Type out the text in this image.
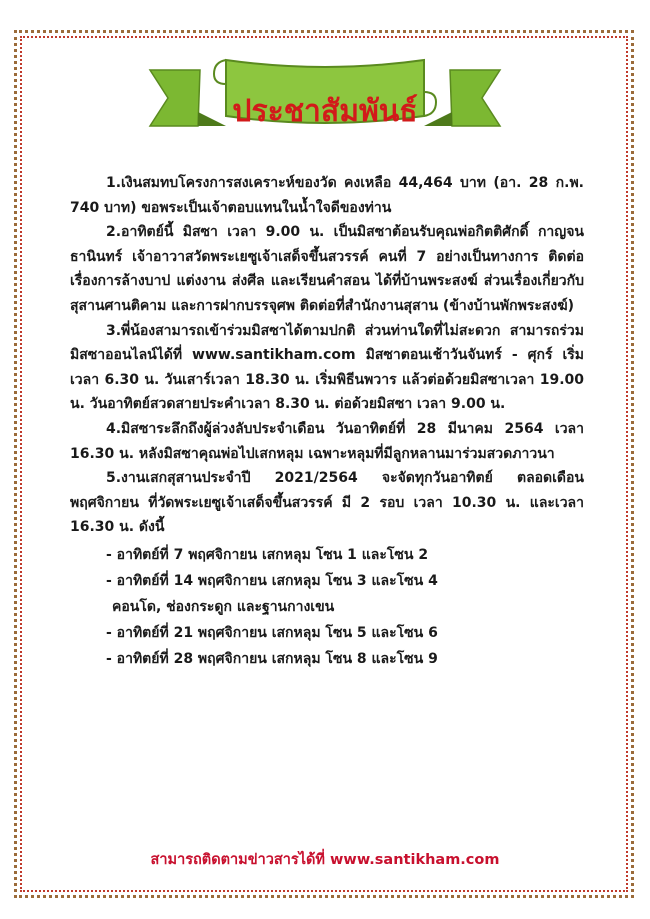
ประชาสัมพันธ์

1.เงินสมทบโครงการสงเคราะห์ของวัด คงเหลือ 44,464 บาท (อา. 28 ก.พ. 740 บาท) ขอพระเป็นเจ้าตอบแทนในน้ำใจดีของท่าน

2.อาทิตย์นี้ มิสซา เวลา 9.00 น. เป็นมิสซาต้อนรับคุณพ่อกิตติศักดิ์ กาญจนธานินทร์ เจ้าอาวาสวัดพระเยซูเจ้าเสด็จขึ้นสวรรค์ คนที่ 7 อย่างเป็นทางการ ติดต่อเรื่องการล้างบาป แต่งงาน ส่งศีล และเรียนคำสอน ได้ที่บ้านพระสงฆ์ ส่วนเรื่องเกี่ยวกับสุสานศานติคาม และการฝากบรรจุศพ ติดต่อที่สำนักงานสุสาน (ข้างบ้านพักพระสงฆ์)

3.พี่น้องสามารถเข้าร่วมมิสซาได้ตามปกติ ส่วนท่านใดที่ไม่สะดวก สามารถร่วมมิสซาออนไลน์ได้ที่ www.santikham.com มิสซาตอนเช้าวันจันทร์ - ศุกร์ เริ่ม เวลา 6.30 น. วันเสาร์เวลา 18.30 น. เริ่มพิธีนพวาร แล้วต่อด้วยมิสซาเวลา 19.00 น. วันอาทิตย์สวดสายประคำเวลา 8.30 น. ต่อด้วยมิสซา เวลา 9.00 น.

4.มิสซาระลึกถึงผู้ล่วงลับประจำเดือน วันอาทิตย์ที่ 28 มีนาคม 2564 เวลา 16.30 น. หลังมิสซาคุณพ่อไปเสกหลุม เฉพาะหลุมที่มีลูกหลานมาร่วมสวดภาวนา

5.งานเสกสุสานประจำปี 2021/2564 จะจัดทุกวันอาทิตย์ ตลอดเดือนพฤศจิกายน ที่วัดพระเยซูเจ้าเสด็จขึ้นสวรรค์ มี 2 รอบ เวลา 10.30 น. และเวลา 16.30 น. ดังนี้

- อาทิตย์ที่ 7 พฤศจิกายน เสกหลุม โซน 1 และโซน 2
- อาทิตย์ที่ 14 พฤศจิกายน เสกหลุม โซน 3 และโซน 4
คอนโด, ช่องกระดูก และฐานกางเขน
- อาทิตย์ที่ 21 พฤศจิกายน เสกหลุม โซน 5 และโซน 6
- อาทิตย์ที่ 28 พฤศจิกายน เสกหลุม โซน 8 และโซน 9
สามารถติดตามข่าวสารได้ที่ www.santikham.com
